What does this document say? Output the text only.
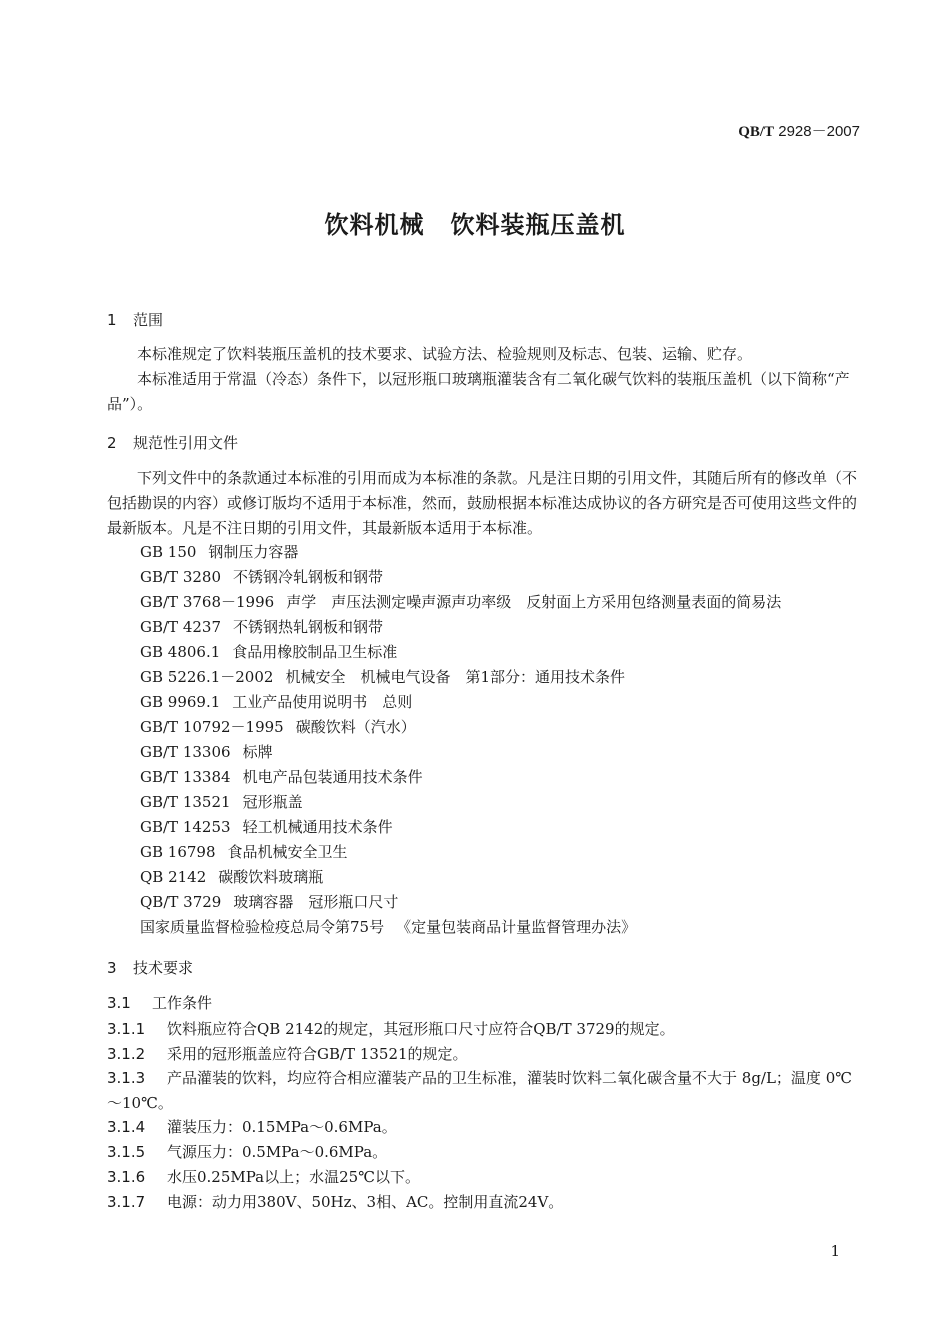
QB/T 2928－2007
饮料机械 饮料装瓶压盖机
1 范围
本标准规定了饮料装瓶压盖机的技术要求、试验方法、检验规则及标志、包装、运输、贮存。
本标准适用于常温（冷态）条件下，以冠形瓶口玻璃瓶灌装含有二氧化碳气饮料的装瓶压盖机（以下简称“产品”）。
2 规范性引用文件
下列文件中的条款通过本标准的引用而成为本标准的条款。凡是注日期的引用文件，其随后所有的修改单（不包括勘误的内容）或修订版均不适用于本标准，然而，鼓励根据本标准达成协议的各方研究是否可使用这些文件的最新版本。凡是不注日期的引用文件，其最新版本适用于本标准。
GB 150 钢制压力容器
GB/T 3280 不锈钢冷轧钢板和钢带
GB/T 3768－1996 声学　声压法测定噪声源声功率级　反射面上方采用包络测量表面的简易法
GB/T 4237 不锈钢热轧钢板和钢带
GB 4806.1 食品用橡胶制品卫生标准
GB 5226.1－2002 机械安全　机械电气设备　第1部分：通用技术条件
GB 9969.1 工业产品使用说明书　总则
GB/T 10792－1995 碳酸饮料（汽水）
GB/T 13306 标牌
GB/T 13384 机电产品包装通用技术条件
GB/T 13521 冠形瓶盖
GB/T 14253 轻工机械通用技术条件
GB 16798 食品机械安全卫生
QB 2142 碳酸饮料玻璃瓶
QB/T 3729 玻璃容器　冠形瓶口尺寸
国家质量监督检验检疫总局令第75号 《定量包装商品计量监督管理办法》
3 技术要求
3.1 工作条件
3.1.1 饮料瓶应符合QB 2142的规定，其冠形瓶口尺寸应符合QB/T 3729的规定。
3.1.2 采用的冠形瓶盖应符合GB/T 13521的规定。
3.1.3 产品灌装的饮料，均应符合相应灌装产品的卫生标准，灌装时饮料二氧化碳含量不大于 8g/L；温度 0℃～10℃。
3.1.4 灌装压力：0.15MPa～0.6MPa。
3.1.5 气源压力：0.5MPa～0.6MPa。
3.1.6 水压0.25MPa以上；水温25℃以下。
3.1.7 电源：动力用380V、50Hz、3相、AC。控制用直流24V。
1
